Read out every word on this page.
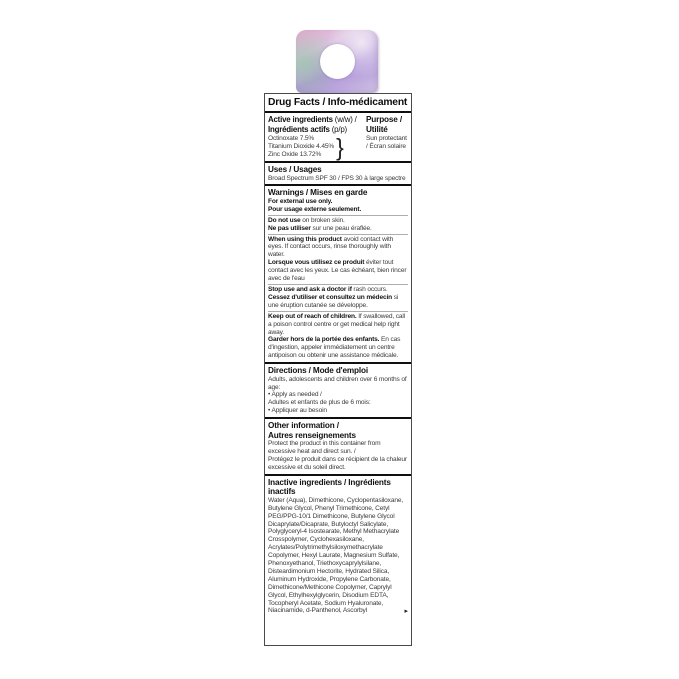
Drug Facts / Info-médicament
Active ingredients (w/w) /
Ingrédients actifs (p/p)
Octinoxate 7.5%
Titanium Dioxide 4.45%
Zinc Oxide 13.72% }
Purpose /
Utilité
Sun protectant / Écran solaire
Uses / Usages
Broad Spectrum SPF 30 / FPS 30 à large spectre
Warnings / Mises en garde
For external use only.
Pour usage externe seulement.
Do not use on broken skin.
Ne pas utiliser sur une peau éraflée.
When using this product avoid contact with eyes. If contact occurs, rinse thoroughly with water.
Lorsque vous utilisez ce produit éviter tout contact avec les yeux. Le cas échéant, bien rincer avec de l'eau
Stop use and ask a doctor if rash occurs.
Cessez d'utiliser et consultez un médecin si une éruption cutanée se développe.
Keep out of reach of children. If swallowed, call a poison control centre or get medical help right away.
Garder hors de la portée des enfants. En cas d'ingestion, appeler immédiatement un centre antipoison ou obtenir une assistance médicale.
Directions / Mode d'emploi
Adults, adolescents and children over 6 months of age:
• Apply as needed /
Adultes et enfants de plus de 6 mois:
• Appliquer au besoin
Other information /
Autres renseignements
Protect the product in this container from excessive heat and direct sun. /
Protégez le produit dans ce récipient de la chaleur excessive et du soleil direct.
Inactive ingredients / Ingrédients
inactifs
Water (Aqua), Dimethicone, Cyclopentasiloxane, Butylene Glycol, Phenyl Trimethicone, Cetyl PEG/PPG-10/1 Dimethicone, Butylene Glycol Dicaprylate/Dicaprate, Butyloctyl Salicylate, Polyglyceryl-4 Isostearate, Methyl Methacrylate Crosspolymer, Cyclohexasiloxane, Acrylates/Polytrimethylsiloxymethacrylate Copolymer, Hexyl Laurate, Magnesium Sulfate, Phenoxyethanol, Triethoxycaprylylsilane, Disteardimonium Hectorite, Hydrated Silica, Aluminum Hydroxide, Propylene Carbonate, Dimethicone/Methicone Copolymer, Caprylyl Glycol, Ethylhexylglycerin, Disodium EDTA, Tocopheryl Acetate, Sodium Hyaluronate, Niacinamide, d-Panthenol, Ascorbyl	▸
